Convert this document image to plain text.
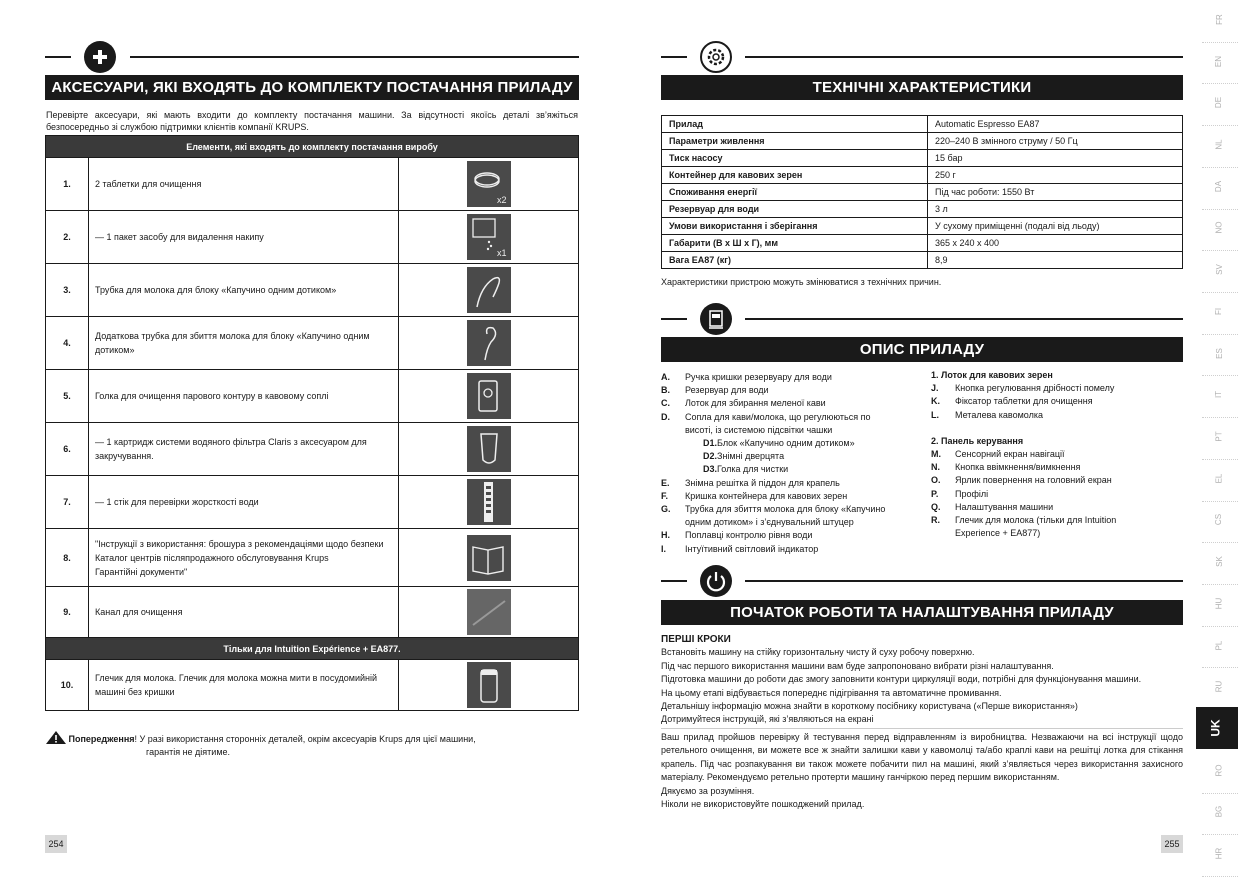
АКСЕСУАРИ, ЯКІ ВХОДЯТЬ ДО КОМПЛЕКТУ ПОСТАЧАННЯ ПРИЛАДУ
Перевірте аксесуари, які мають входити до комплекту постачання машини. За відсутності якоїсь деталі зв’яжіться безпосередньо зі службою підтримки клієнтів компанії KRUPS.
Елементи, які входять до комплекту постачання виробу		
1.	2 таблетки для очищення	x2

2.	— 1 пакет засобу для видалення накипу	x1

3.	Трубка для молока для блоку «Капучино одним дотиком»	

4.	Додаткова трубка для збиття молока для блоку «Капучино одним дотиком»	

5.	Голка для очищення парового контуру в кавовому соплі	

6.	— 1 картридж системи водяного фільтра Claris з аксесуаром для закручування.	

7.	— 1 стік для перевірки жорсткості води	

8.	"Інструкції з використання: брошура з рекомендаціями щодо безпеки
Каталог центрів післяпродажного обслуговування Krups
Гарантійні документи"	

9.	Канал для очищення	

Тільки для Intuition Expérience + EA877.		
10.	Глечик для молока. Глечик для молока можна мити в посудомийній машині без кришки	
Попередження! У разі використання сторонніх деталей, окрім аксесуарів Krups для цієї машини,
гарантія не діятиме.
254
ТЕХНІЧНІ ХАРАКТЕРИСТИКИ
Прилад	Automatic Espresso EA87
Параметри живлення	220–240 В змінного струму / 50 Гц
Тиск насосу	15 бар
Контейнер для кавових зерен	250 г
Споживання енергії	Під час роботи: 1550 Вт
Резервуар для води	3 л
Умови використання і зберігання	У сухому приміщенні (подалі від льоду)
Габарити (В х Ш х Г), мм	365 x 240 x 400
Вага EA87 (кг)	8,9
Характеристики пристрою можуть змінюватися з технічних причин.
ОПИС ПРИЛАДУ
A.	Ручка кришки резервуару для води
B.	Резервуар для води
C.	Лоток для збирання меленої кави
D.	Сопла для кави/молока, що регулюються по
висоті, із системою підсвітки чашки
D1. Блок «Капучино одним дотиком»
D2. Знімні дверцята
D3. Голка для чистки
E.	Знімна решітка й піддон для крапель
F.	Кришка контейнера для кавових зерен
G.	Трубка для збиття молока для блоку «Капучино
одним дотиком» і з’єднувальний штуцер
H.	Поплавці контролю рівня води
I.	Інтуїтивний світловий індикатор
1. Лоток для кавових зерен
J.	Кнопка регулювання дрібності помелу
K.	Фіксатор таблетки для очищення
L.	Металева кавомолка
2. Панель керування
M.	Сенсорний екран навігації
N.	Кнопка ввімкнення/вимкнення
O.	Ярлик повернення на головний екран
P.	Профілі
Q.	Налаштування машини
R.	Глечик для молока (тільки для Intuition
Experience + EA877)
ПОЧАТОК РОБОТИ ТА НАЛАШТУВАННЯ ПРИЛАДУ
ПЕРШІ КРОКИ
Встановіть машину на стійку горизонтальну чисту й суху робочу поверхню.
Під час першого використання машини вам буде запропоновано вибрати різні налаштування.
Підготовка машини до роботи дає змогу заповнити контури циркуляції води, потрібні для функціонування машини.
На цьому етапі відбувається попереднє підігрівання та автоматичне промивання.
Детальнішу інформацію можна знайти в короткому посібнику користувача («Перше використання»)
Дотримуйтеся інструкцій, які з’являються на екрані
Ваш прилад пройшов перевірку й тестування перед відправленням із виробництва. Незважаючи на всі інструкції щодо ретельного очищення, ви можете все ж знайти залишки кави у кавомолці та/або краплі кави на решітці лотка для стікання крапель. Під час розпакування ви також можете побачити пил на машині, який з’являється через використання захисного матеріалу. Рекомендуємо ретельно протерти машину ганчіркою перед першим використанням.
Дякуємо за розуміння.
Ніколи не використовуйте пошкоджений прилад.
255
FR
EN
DE
NL
DA
NO
SV
FI
ES
IT
PT
EL
CS
SK
HU
PL
RU
RO
BG
HR
UK
